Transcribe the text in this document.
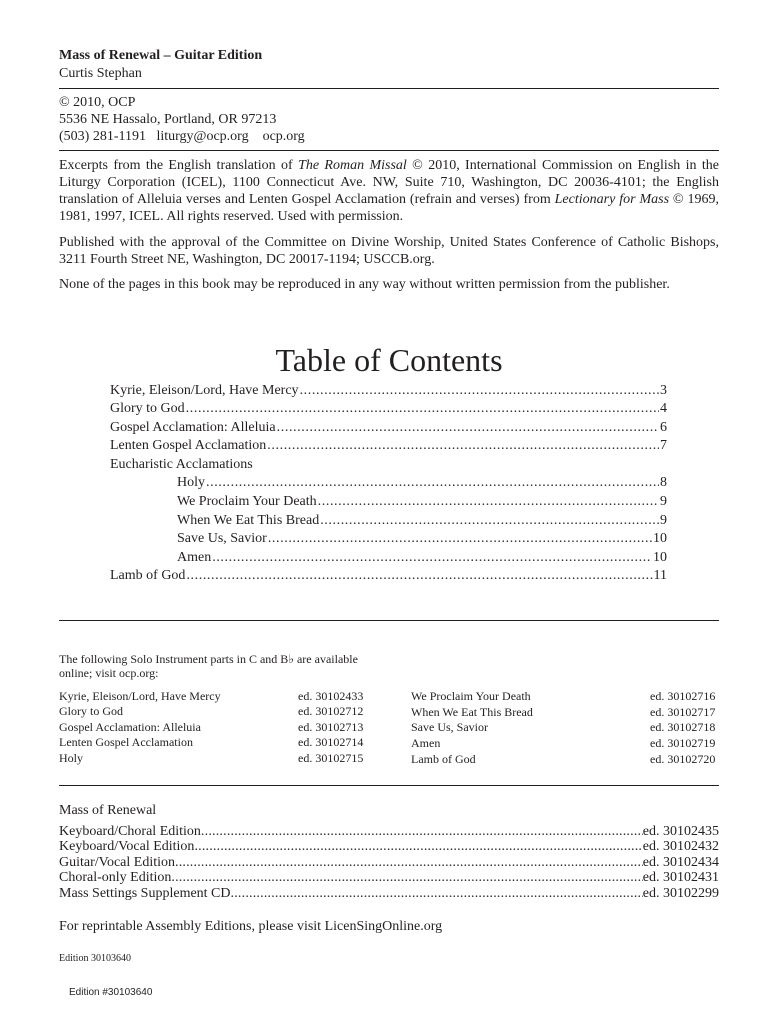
Mass of Renewal – Guitar Edition
Curtis Stephan
© 2010, OCP
5536 NE Hassalo, Portland, OR 97213
(503) 281-1191 liturgy@ocp.org ocp.org
Excerpts from the English translation of The Roman Missal © 2010, International Commission on English in the Liturgy Corporation (ICEL), 1100 Connecticut Ave. NW, Suite 710, Washington, DC 20036-4101; the English translation of Alleluia verses and Lenten Gospel Acclamation (refrain and verses) from Lectionary for Mass © 1969, 1981, 1997, ICEL. All rights reserved. Used with permission.
Published with the approval of the Committee on Divine Worship, United States Conference of Catholic Bishops, 3211 Fourth Street NE, Washington, DC 20017-1194; USCCB.org.
None of the pages in this book may be reproduced in any way without written permission from the publisher.
Table of Contents
Kyrie, Eleison/Lord, Have Mercy .....	3
Glory to God .....	4
Gospel Acclamation: Alleluia .....	6
Lenten Gospel Acclamation .....	7
Eucharistic Acclamations
Holy .....	8
We Proclaim Your Death .....	9
When We Eat This Bread .....	9
Save Us, Savior .....	10
Amen .....	10
Lamb of God .....	11
The following Solo Instrument parts in C and B♭ are available online; visit ocp.org:
Kyrie, Eleison/Lord, Have Mercy	ed. 30102433
Glory to God	ed. 30102712
Gospel Acclamation: Alleluia	ed. 30102713
Lenten Gospel Acclamation	ed. 30102714
Holy	ed. 30102715
We Proclaim Your Death	ed. 30102716
When We Eat This Bread	ed. 30102717
Save Us, Savior	ed. 30102718
Amen	ed. 30102719
Lamb of God	ed. 30102720
Mass of Renewal
Keyboard/Choral Edition .....	ed. 30102435
Keyboard/Vocal Edition .....	ed. 30102432
Guitar/Vocal Edition .....	ed. 30102434
Choral-only Edition .....	ed. 30102431
Mass Settings Supplement CD .....	ed. 30102299
For reprintable Assembly Editions, please visit LicenSingOnline.org
Edition 30103640
Edition #30103640
